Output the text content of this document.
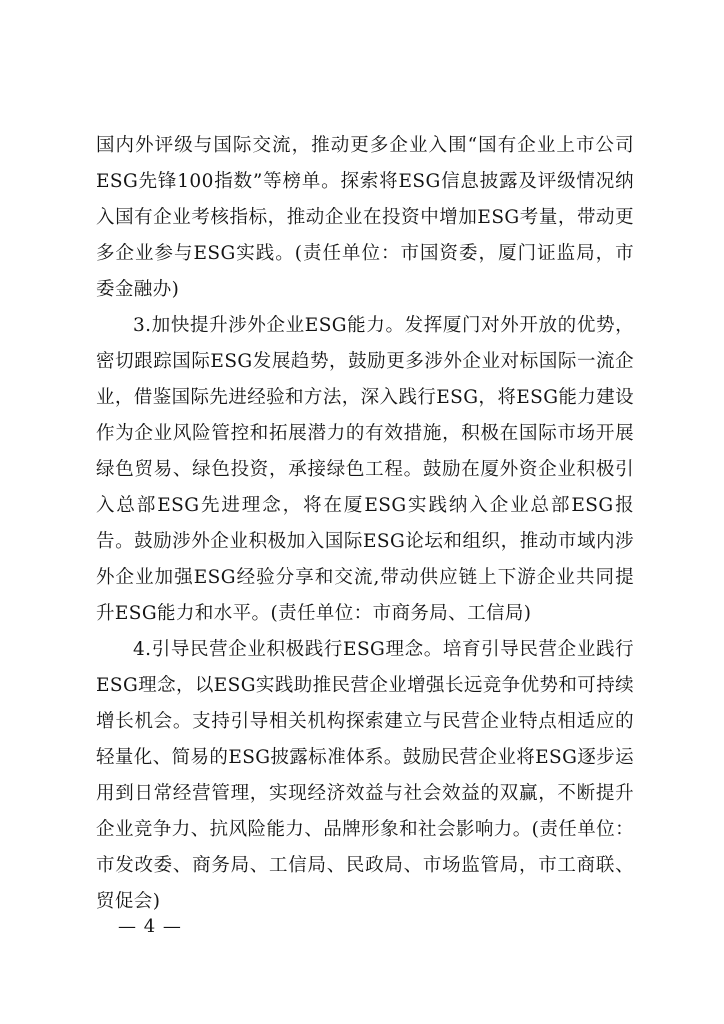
国内外评级与国际交流，推动更多企业入围“国有企业上市公司ESG先锋100指数”等榜单。探索将ESG信息披露及评级情况纳入国有企业考核指标，推动企业在投资中增加ESG考量，带动更多企业参与ESG实践。(责任单位：市国资委，厦门证监局，市委金融办)

3.加快提升涉外企业ESG能力。发挥厦门对外开放的优势，密切跟踪国际ESG发展趋势，鼓励更多涉外企业对标国际一流企业，借鉴国际先进经验和方法，深入践行ESG，将ESG能力建设作为企业风险管控和拓展潜力的有效措施，积极在国际市场开展绿色贸易、绿色投资，承接绿色工程。鼓励在厦外资企业积极引入总部ESG先进理念，将在厦ESG实践纳入企业总部ESG报告。鼓励涉外企业积极加入国际ESG论坛和组织，推动市域内涉外企业加强ESG经验分享和交流,带动供应链上下游企业共同提升ESG能力和水平。(责任单位：市商务局、工信局)

4.引导民营企业积极践行ESG理念。培育引导民营企业践行ESG理念，以ESG实践助推民营企业增强长远竞争优势和可持续增长机会。支持引导相关机构探索建立与民营企业特点相适应的轻量化、简易的ESG披露标准体系。鼓励民营企业将ESG逐步运用到日常经营管理，实现经济效益与社会效益的双赢，不断提升企业竞争力、抗风险能力、品牌形象和社会影响力。(责任单位：市发改委、商务局、工信局、民政局、市场监管局，市工商联、贸促会)

— 4 —
